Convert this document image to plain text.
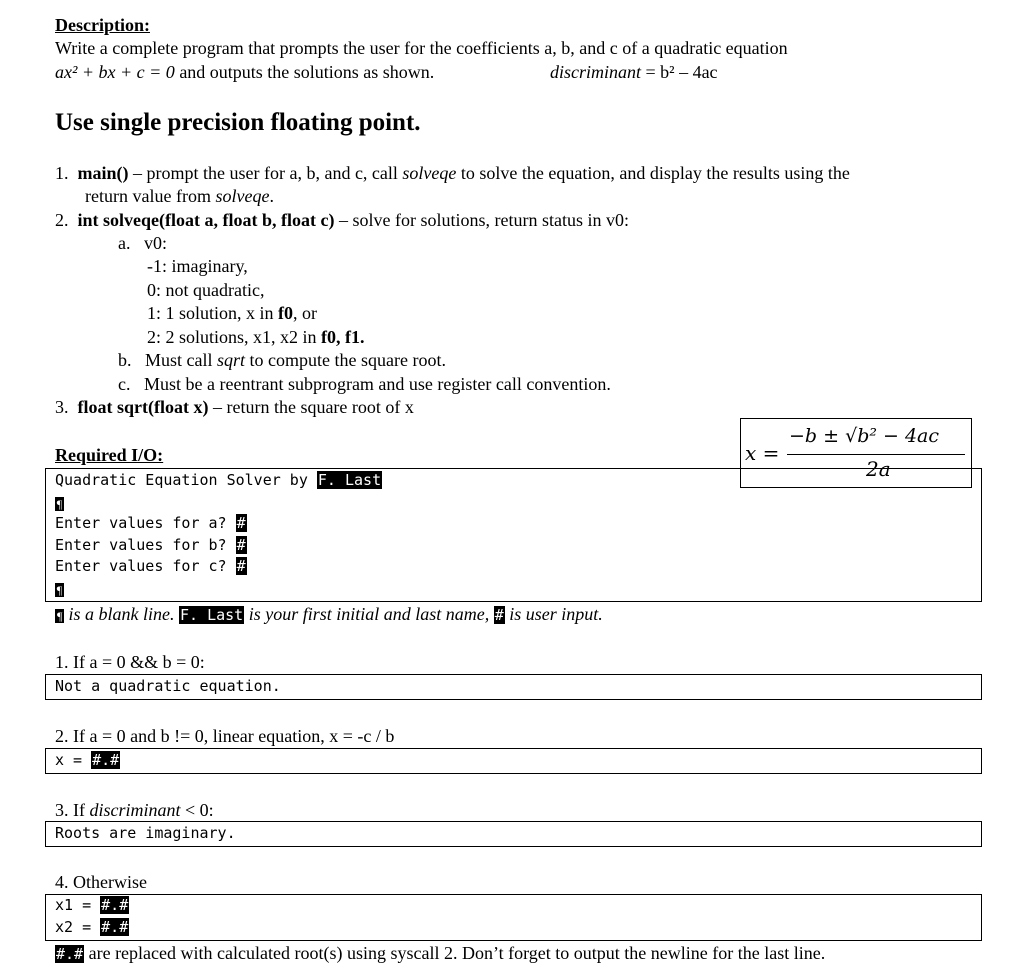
Description:
Write a complete program that prompts the user for the coefficients a, b, and c of a quadratic equation
ax² + bx + c = 0 and outputs the solutions as shown.	discriminant = b² – 4ac
Use single precision floating point.
1. main() – prompt the user for a, b, and c, call solveqe to solve the equation, and display the results using the
return value from solveqe.
2. int solveqe(float a, float b, float c) – solve for solutions, return status in v0:
a. v0:
-1: imaginary,
0: not quadratic,
1: 1 solution, x in f0, or
2: 2 solutions, x1, x2 in f0, f1.
b. Must call sqrt to compute the square root.
c. Must be a reentrant subprogram and use register call convention.
3. float sqrt(float x) – return the square root of x
Required I/O:	x =
−b ± √b² − 4ac
2a
Quadratic Equation Solver by F. Last
¶
Enter values for a? #
Enter values for b? #
Enter values for c? #
¶
¶ is a blank line. F. Last is your first initial and last name, # is user input.
1. If a = 0 && b = 0:
Not a quadratic equation.
2. If a = 0 and b != 0, linear equation, x = -c / b
x = #.#
3. If discriminant < 0:
Roots are imaginary.
4. Otherwise
x1 = #.#
x2 = #.#
#.# are replaced with calculated root(s) using syscall 2. Don’t forget to output the newline for the last line.
